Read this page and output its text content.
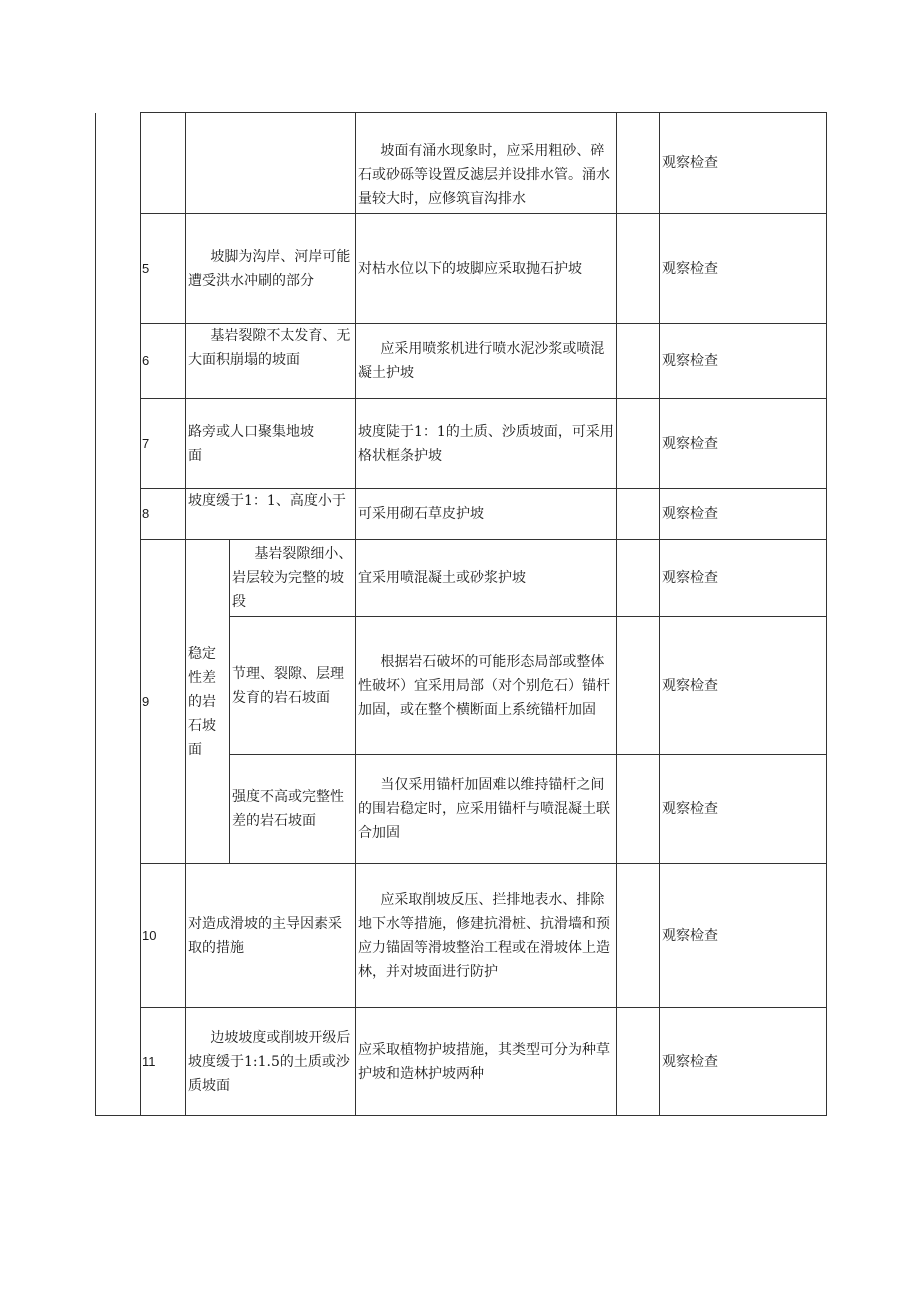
				坡面有涌水现象时，应采用粗砂、碎石或砂砾等设置反滤层并设排水管。涌水量较大时，应修筑盲沟排水		观察检查
	5	坡脚为沟岸、河岸可能遭受洪水冲刷的部分		对枯水位以下的坡脚应采取抛石护坡		观察检查
	6	基岩裂隙不太发育、无大面积崩塌的坡面		应采用喷浆机进行喷水泥沙浆或喷混凝土护坡		观察检查
	7	路旁或人口聚集地坡面		坡度陡于1：1的土质、沙质坡面，可采用格状框条护坡		观察检查
	8	坡度缓于1：1、高度小于		可采用砌石草皮护坡		观察检查
	9	稳定性差的岩石坡面	基岩裂隙细小、岩层较为完整的坡段	宜采用喷混凝土或砂浆护坡		观察检查
			节理、裂隙、层理发育的岩石坡面	根据岩石破坏的可能形态局部或整体性破坏）宜采用局部（对个别危石）锚杆加固，或在整个横断面上系统锚杆加固		观察检查
			强度不高或完整性差的岩石坡面	当仅采用锚杆加固难以维持锚杆之间的围岩稳定时，应采用锚杆与喷混凝土联合加固		观察检查
	10	对造成滑坡的主导因素采取的措施		应采取削坡反压、拦排地表水、排除地下水等措施，修建抗滑桩、抗滑墙和预应力锚固等滑坡整治工程或在滑坡体上造林，并对坡面进行防护		观察检查
	11	边坡坡度或削坡开级后坡度缓于1:1.5的土质或沙质坡面		应采取植物护坡措施，其类型可分为种草护坡和造林护坡两种		观察检查
